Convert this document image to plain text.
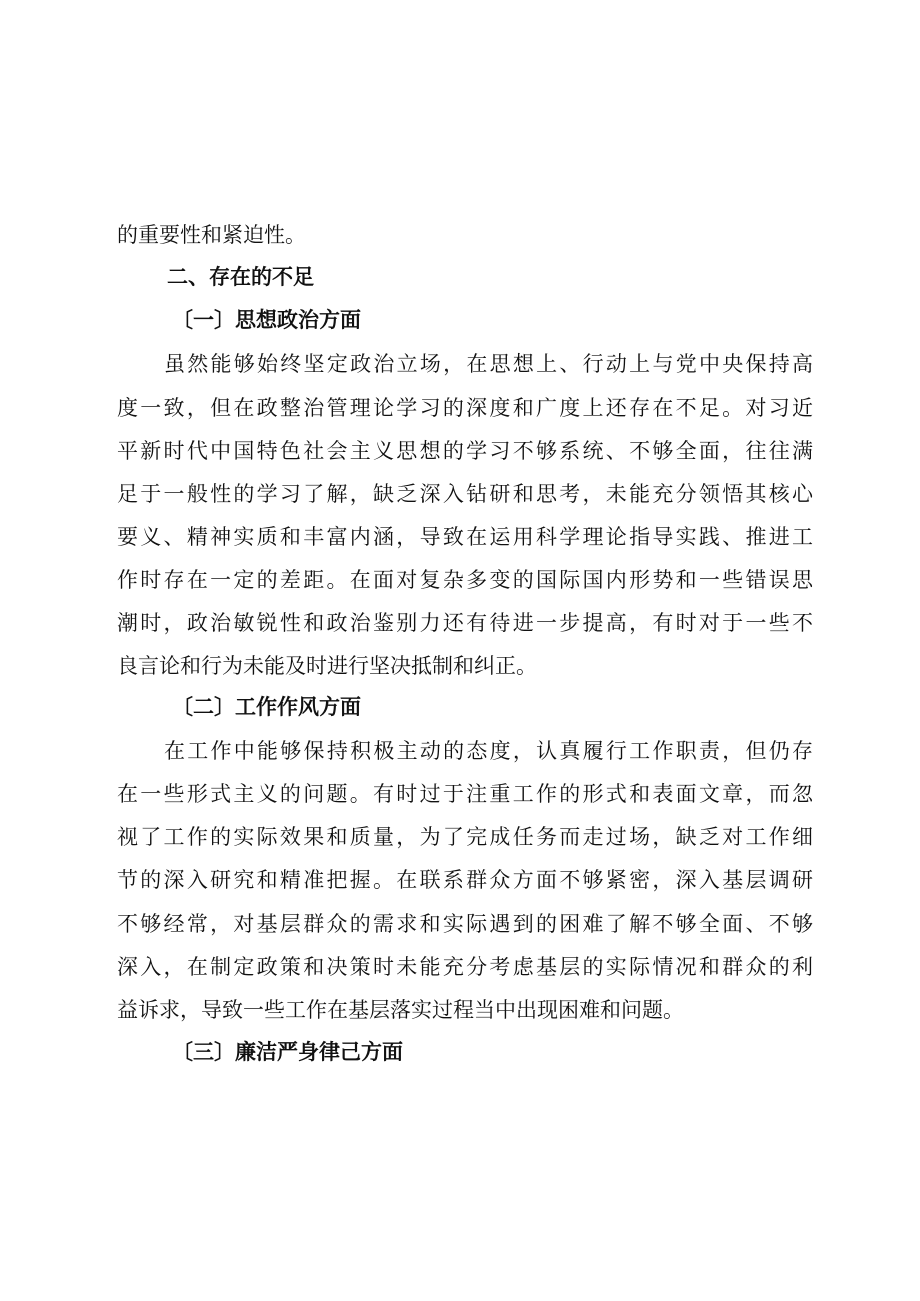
的重要性和紧迫性。
二、存在的不足
〔一〕思想政治方面
虽然能够始终坚定政治立场，在思想上、行动上与党中央保持高
度一致，但在政整治管理论学习的深度和广度上还存在不足。对习近
平新时代中国特色社会主义思想的学习不够系统、不够全面，往往满
足于一般性的学习了解，缺乏深入钻研和思考，未能充分领悟其核心
要义、精神实质和丰富内涵，导致在运用科学理论指导实践、推进工
作时存在一定的差距。在面对复杂多变的国际国内形势和一些错误思
潮时，政治敏锐性和政治鉴别力还有待进一步提高，有时对于一些不
良言论和行为未能及时进行坚决抵制和纠正。
〔二〕工作作风方面
在工作中能够保持积极主动的态度，认真履行工作职责，但仍存
在一些形式主义的问题。有时过于注重工作的形式和表面文章，而忽
视了工作的实际效果和质量，为了完成任务而走过场，缺乏对工作细
节的深入研究和精准把握。在联系群众方面不够紧密，深入基层调研
不够经常，对基层群众的需求和实际遇到的困难了解不够全面、不够
深入，在制定政策和决策时未能充分考虑基层的实际情况和群众的利
益诉求，导致一些工作在基层落实过程当中出现困难和问题。
〔三〕廉洁严身律己方面
